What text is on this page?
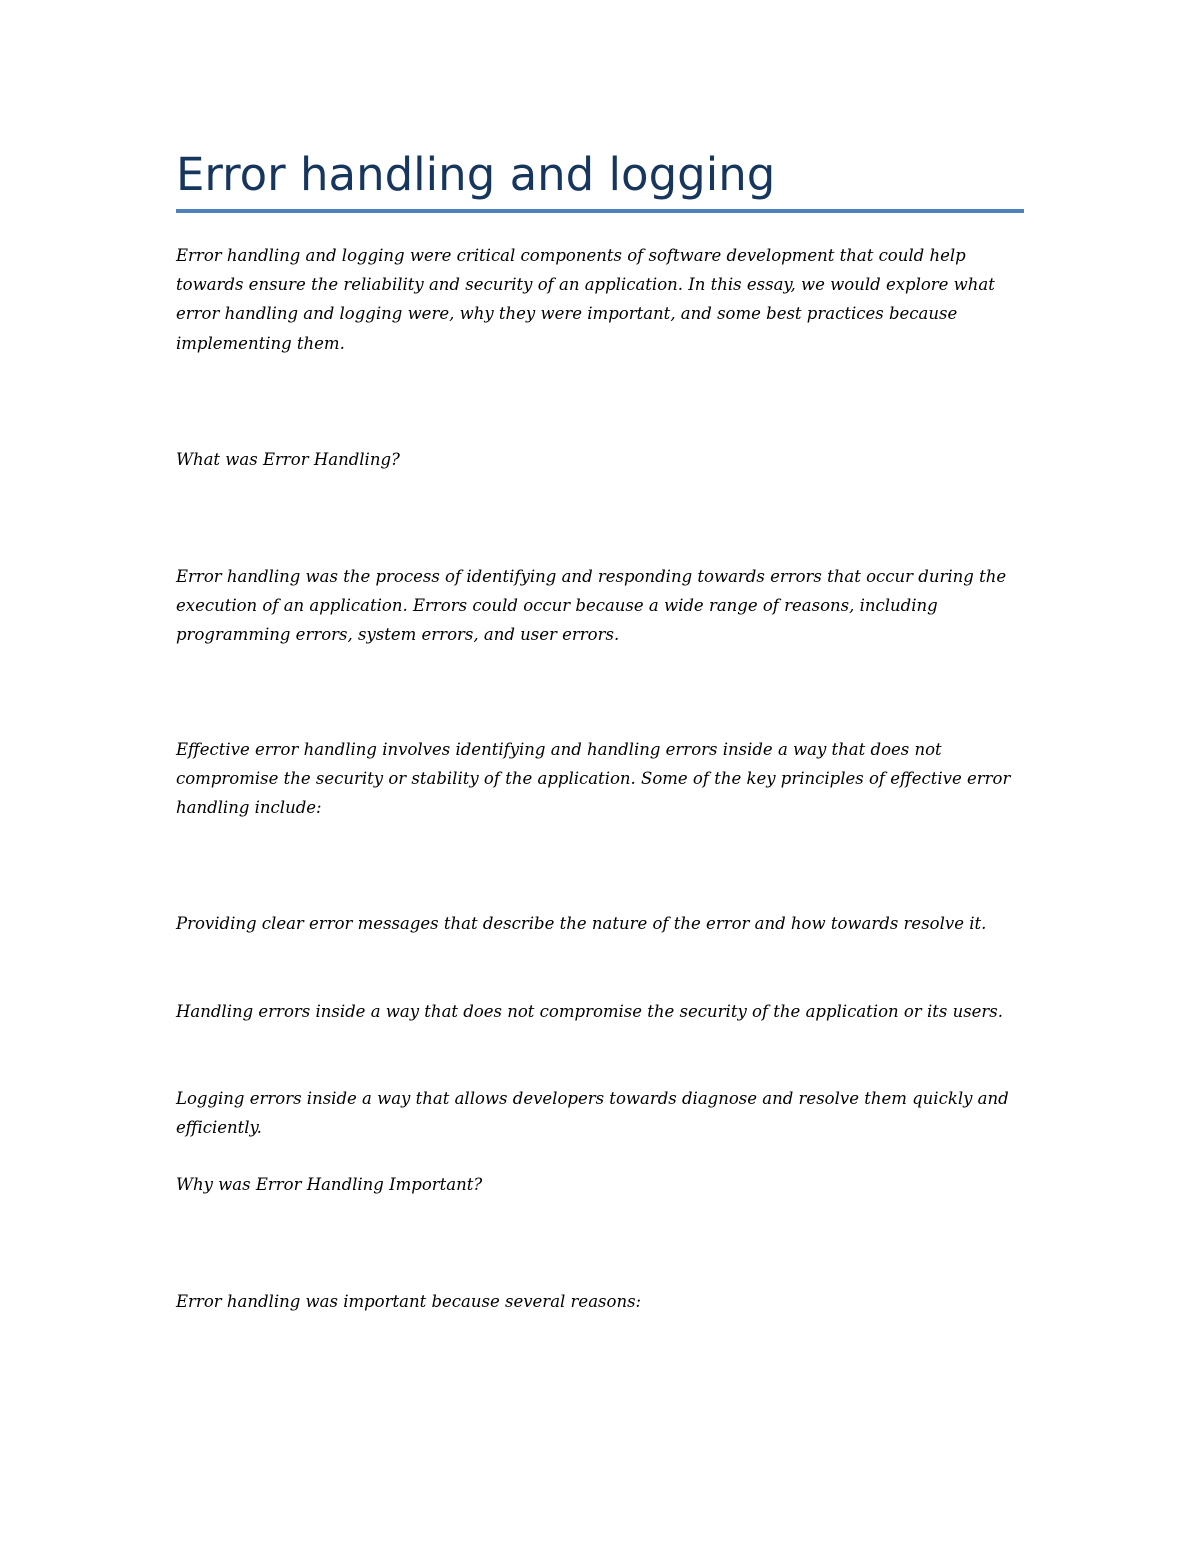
Error handling and logging

Error handling and logging were critical components of software development that could help towards ensure the reliability and security of an application. In this essay, we would explore what error handling and logging were, why they were important, and some best practices because implementing them.

What was Error Handling?

Error handling was the process of identifying and responding towards errors that occur during the execution of an application. Errors could occur because a wide range of reasons, including programming errors, system errors, and user errors.

Effective error handling involves identifying and handling errors inside a way that does not compromise the security or stability of the application. Some of the key principles of effective error handling include:

Providing clear error messages that describe the nature of the error and how towards resolve it.

Handling errors inside a way that does not compromise the security of the application or its users.

Logging errors inside a way that allows developers towards diagnose and resolve them quickly and efficiently.

Why was Error Handling Important?

Error handling was important because several reasons:
